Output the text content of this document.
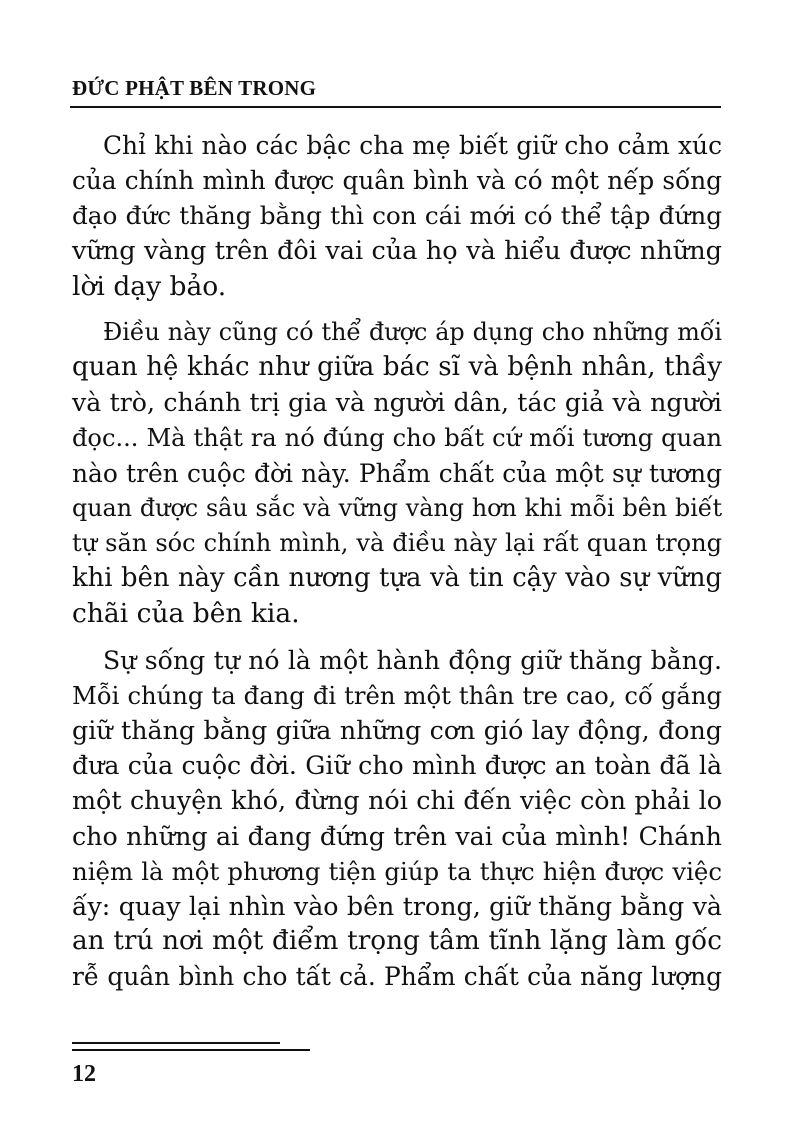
ĐỨC PHẬT BÊN TRONG
Chỉ khi nào các bậc cha mẹ biết giữ cho cảm xúc
của chính mình được quân bình và có một nếp sống
đạo đức thăng bằng thì con cái mới có thể tập đứng
vững vàng trên đôi vai của họ và hiểu được những
lời dạy bảo.
Điều này cũng có thể được áp dụng cho những mối
quan hệ khác như giữa bác sĩ và bệnh nhân, thầy
và trò, chánh trị gia và người dân, tác giả và người
đọc... Mà thật ra nó đúng cho bất cứ mối tương quan
nào trên cuộc đời này. Phẩm chất của một sự tương
quan được sâu sắc và vững vàng hơn khi mỗi bên biết
tự săn sóc chính mình, và điều này lại rất quan trọng
khi bên này cần nương tựa và tin cậy vào sự vững
chãi của bên kia.
Sự sống tự nó là một hành động giữ thăng bằng.
Mỗi chúng ta đang đi trên một thân tre cao, cố gắng
giữ thăng bằng giữa những cơn gió lay động, đong
đưa của cuộc đời. Giữ cho mình được an toàn đã là
một chuyện khó, đừng nói chi đến việc còn phải lo
cho những ai đang đứng trên vai của mình! Chánh
niệm là một phương tiện giúp ta thực hiện được việc
ấy: quay lại nhìn vào bên trong, giữ thăng bằng và
an trú nơi một điểm trọng tâm tĩnh lặng làm gốc
rễ quân bình cho tất cả. Phẩm chất của năng lượng
12
